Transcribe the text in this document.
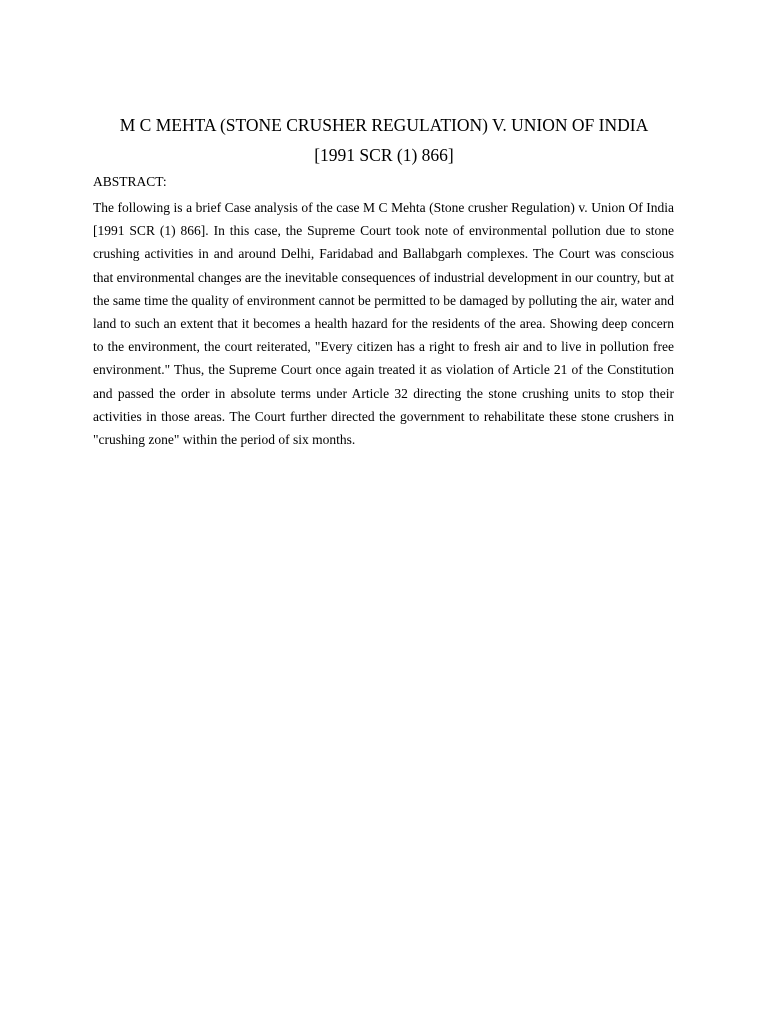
M C MEHTA (STONE CRUSHER REGULATION) V. UNION OF INDIA
[1991 SCR (1) 866]

ABSTRACT:

The following is a brief Case analysis of the case M C Mehta (Stone crusher Regulation) v. Union Of India [1991 SCR (1) 866]. In this case, the Supreme Court took note of environmental pollution due to stone crushing activities in and around Delhi, Faridabad and Ballabgarh complexes. The Court was conscious that environmental changes are the inevitable consequences of industrial development in our country, but at the same time the quality of environment cannot be permitted to be damaged by polluting the air, water and land to such an extent that it becomes a health hazard for the residents of the area. Showing deep concern to the environment, the court reiterated, "Every citizen has a right to fresh air and to live in pollution free environment." Thus, the Supreme Court once again treated it as violation of Article 21 of the Constitution and passed the order in absolute terms under Article 32 directing the stone crushing units to stop their activities in those areas. The Court further directed the government to rehabilitate these stone crushers in "crushing zone" within the period of six months.
